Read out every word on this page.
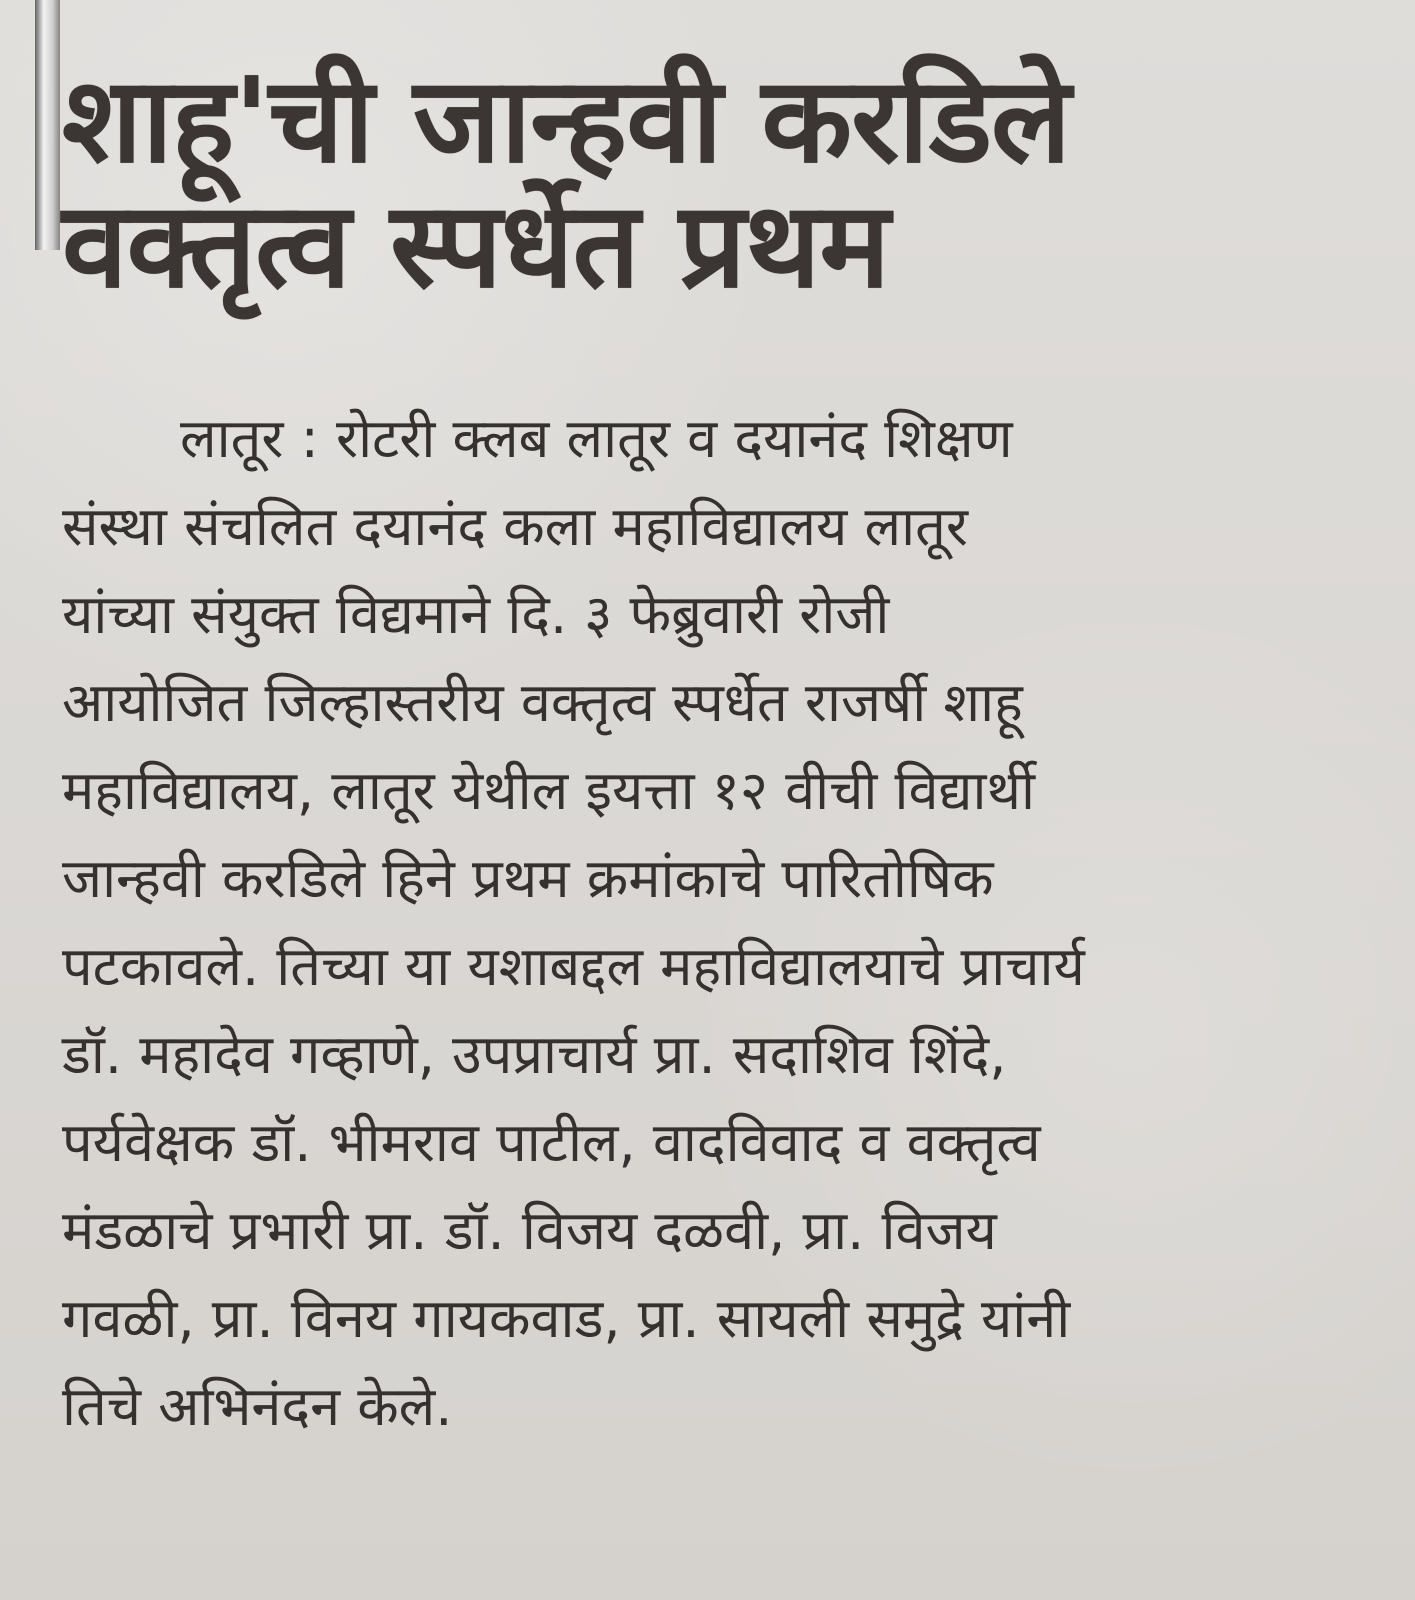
शाहू'ची जान्हवी करडिले
वक्तृत्व स्पर्धेत प्रथम
लातूर : रोटरी क्लब लातूर व दयानंद शिक्षण
संस्था संचलित दयानंद कला महाविद्यालय लातूर
यांच्या संयुक्त विद्यमाने दि. ३ फेब्रुवारी रोजी
आयोजित जिल्हास्तरीय वक्तृत्व स्पर्धेत राजर्षी शाहू
महाविद्यालय, लातूर येथील इयत्ता १२ वीची विद्यार्थी
जान्हवी करडिले हिने प्रथम क्रमांकाचे पारितोषिक
पटकावले. तिच्या या यशाबद्दल महाविद्यालयाचे प्राचार्य
डॉ. महादेव गव्हाणे, उपप्राचार्य प्रा. सदाशिव शिंदे,
पर्यवेक्षक डॉ. भीमराव पाटील, वादविवाद व वक्तृत्व
मंडळाचे प्रभारी प्रा. डॉ. विजय दळवी, प्रा. विजय
गवळी, प्रा. विनय गायकवाड, प्रा. सायली समुद्रे यांनी
तिचे अभिनंदन केले.
